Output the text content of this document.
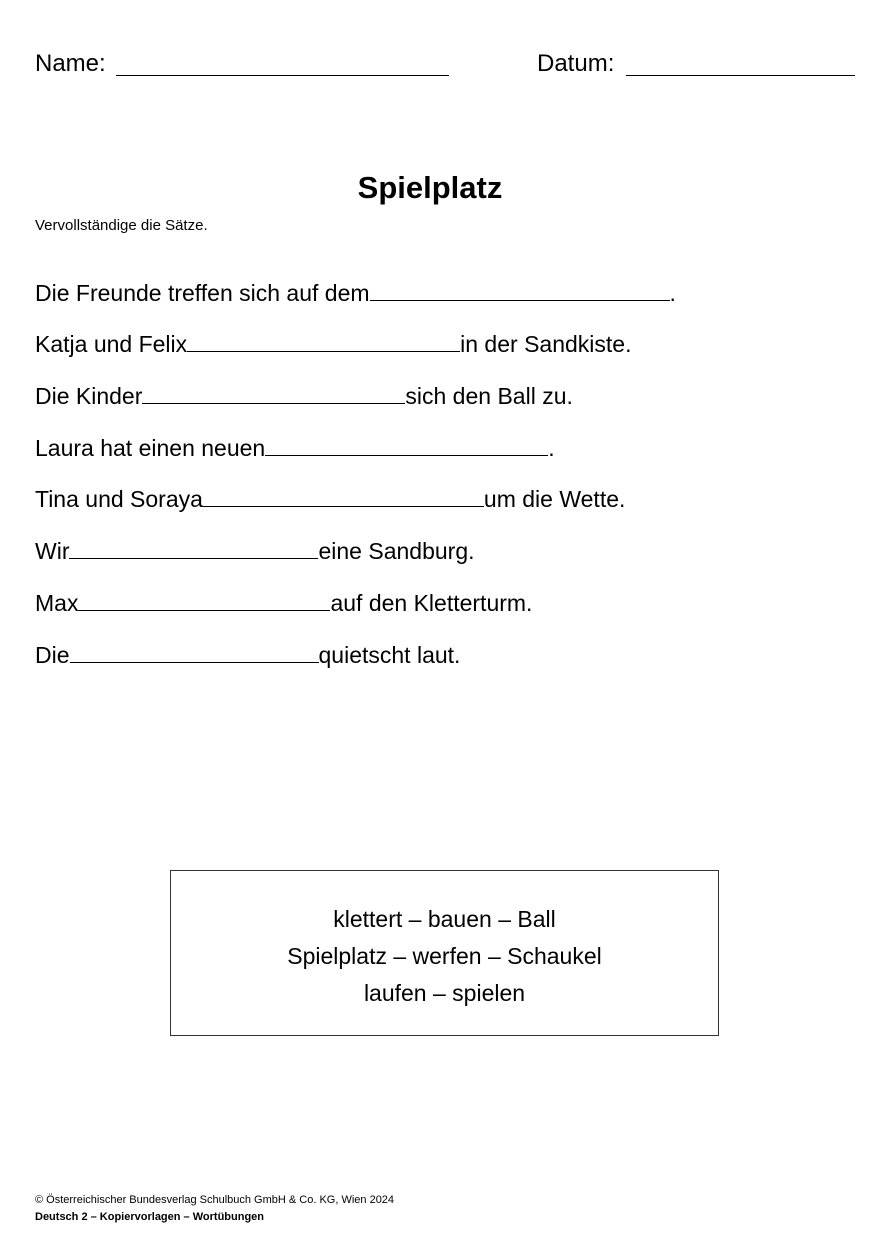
Name:	Datum:
Spielplatz
Vervollständige die Sätze.
Die Freunde treffen sich auf dem	.
Katja und Felix	in der Sandkiste.
Die Kinder	sich den Ball zu.
Laura hat einen neuen	.
Tina und Soraya	um die Wette.
Wir	eine Sandburg.
Max	auf den Kletterturm.
Die	quietscht laut.
klettert – bauen – Ball
Spielplatz – werfen – Schaukel
laufen – spielen
© Österreichischer Bundesverlag Schulbuch GmbH & Co. KG, Wien 2024
Deutsch 2 – Kopiervorlagen – Wortübungen
